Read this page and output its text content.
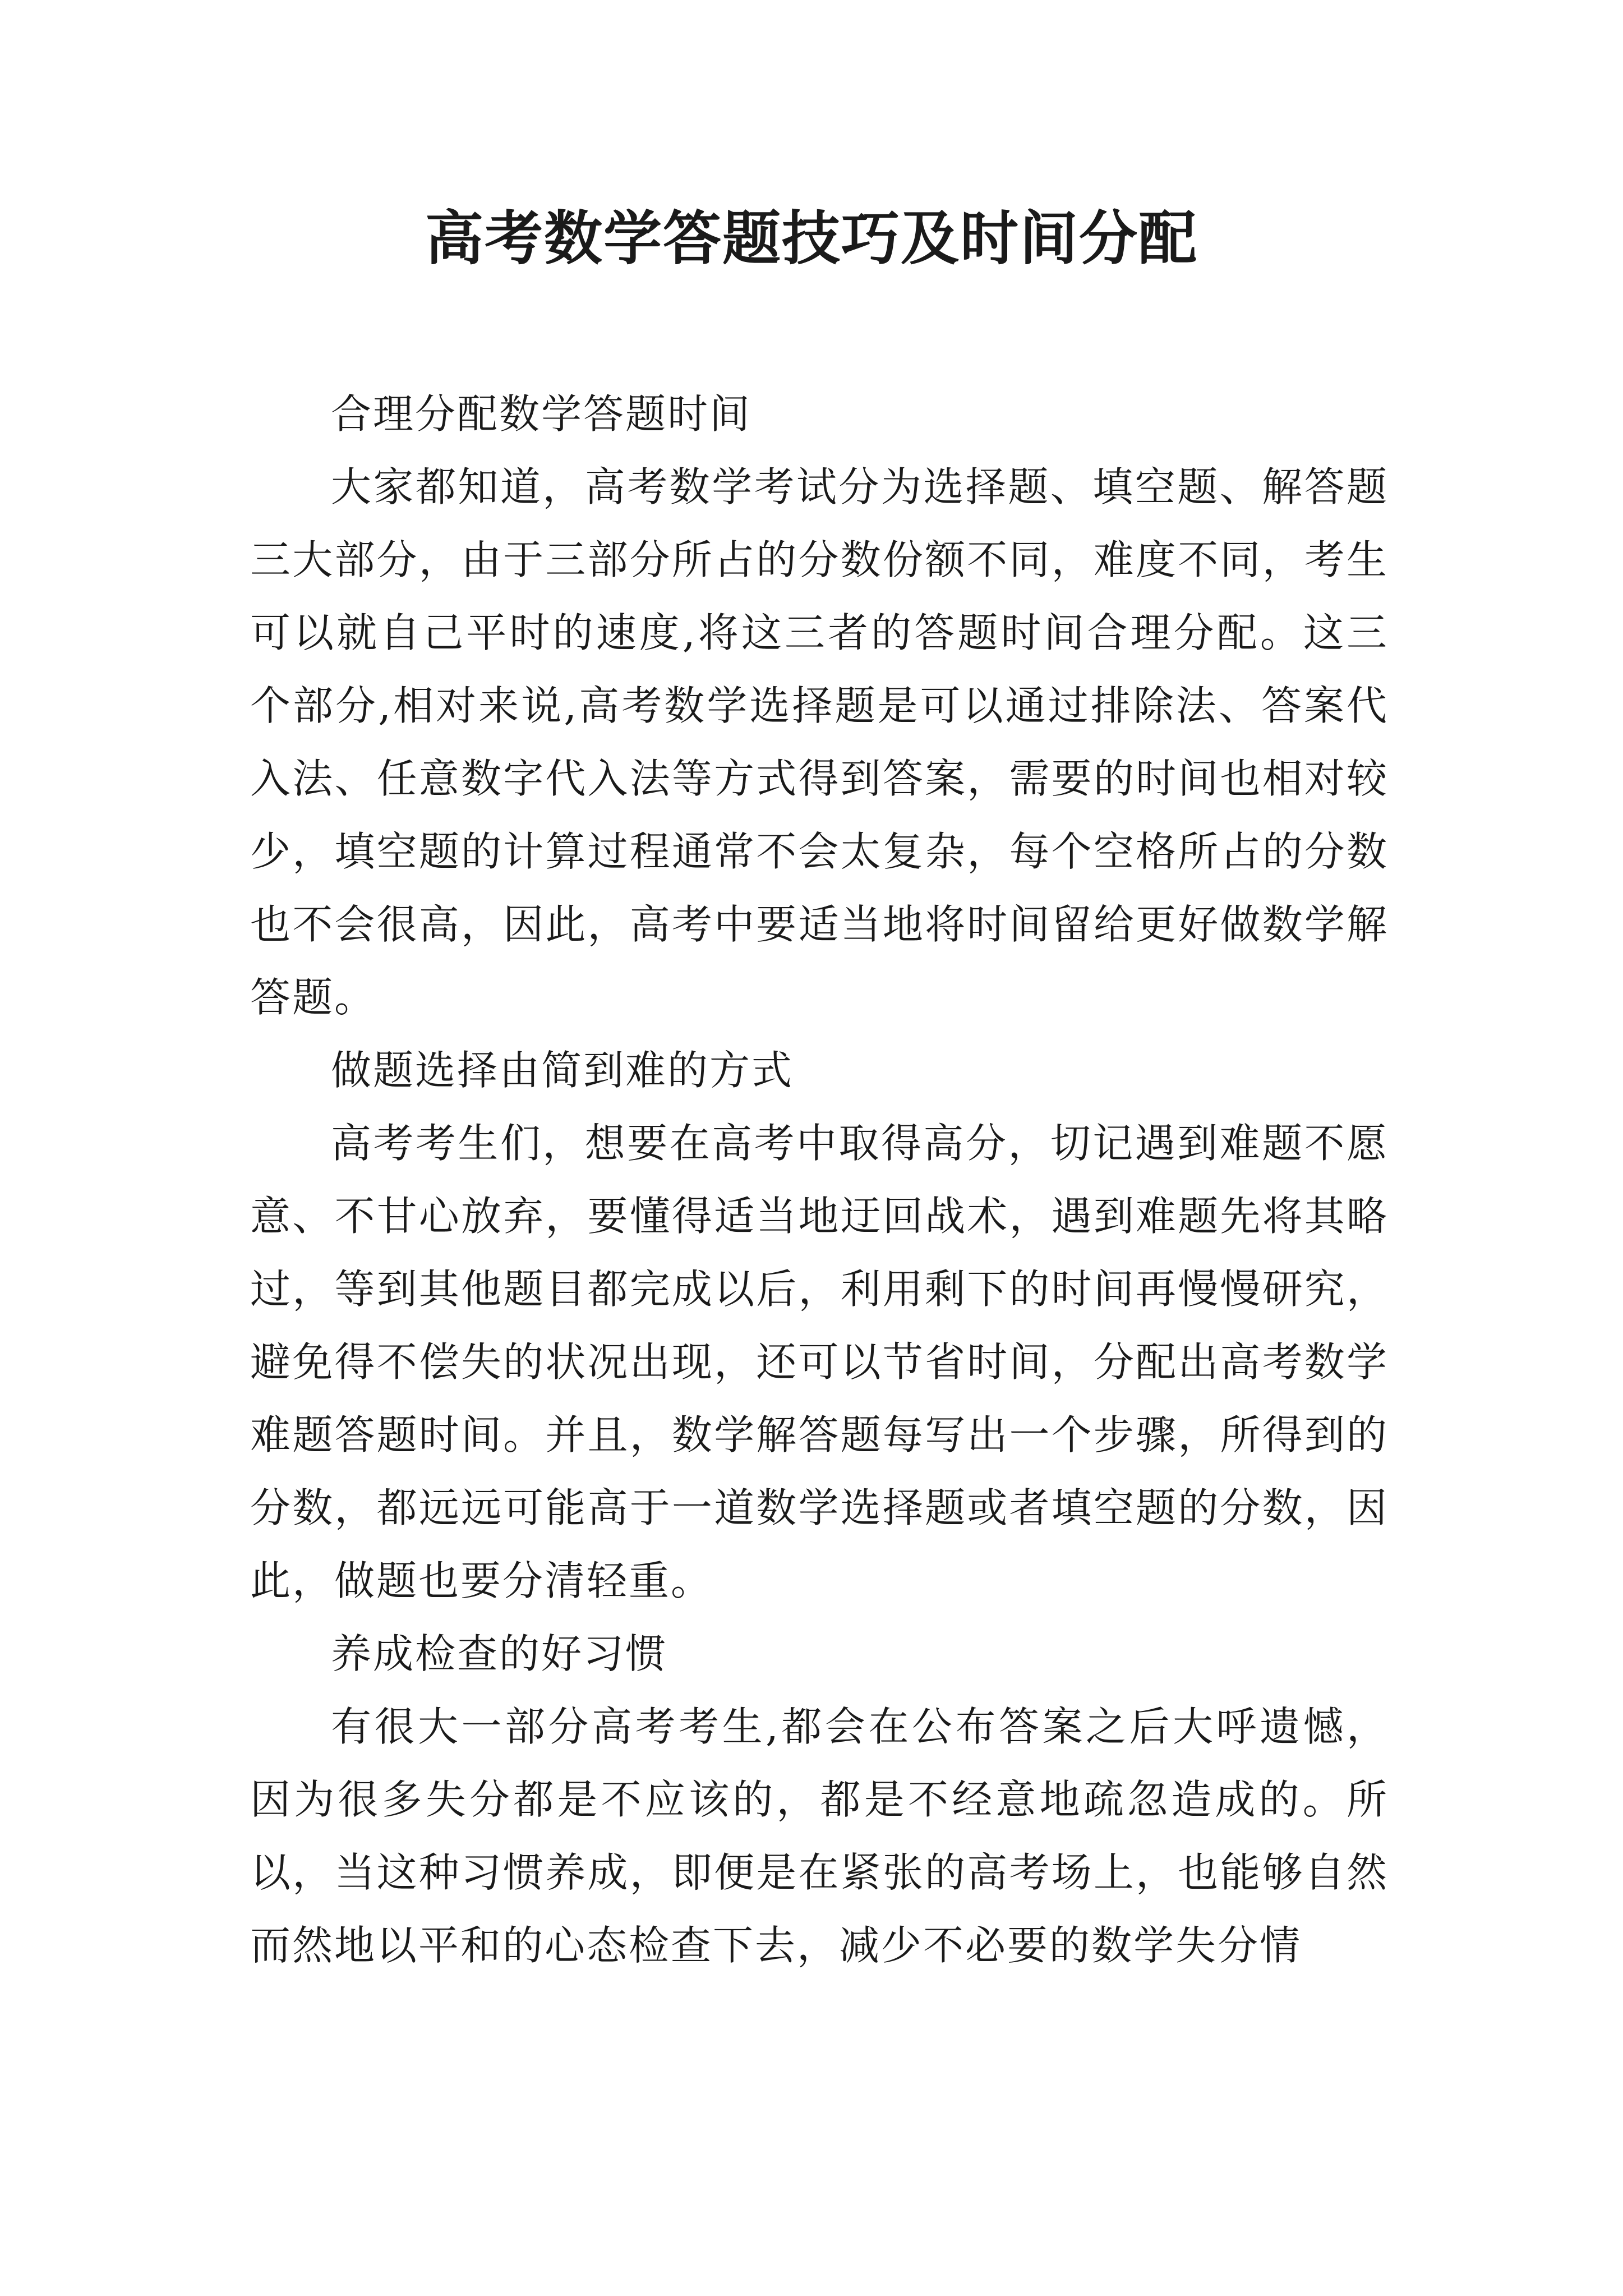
高考数学答题技巧及时间分配

合理分配数学答题时间

大家都知道，高考数学考试分为选择题、填空题、解答题三大部分，由于三部分所占的分数份额不同，难度不同，考生可以就自己平时的速度,将这三者的答题时间合理分配。这三个部分,相对来说,高考数学选择题是可以通过排除法、答案代入法、任意数字代入法等方式得到答案，需要的时间也相对较少，填空题的计算过程通常不会太复杂，每个空格所占的分数也不会很高，因此，高考中要适当地将时间留给更好做数学解答题。

做题选择由简到难的方式

高考考生们，想要在高考中取得高分，切记遇到难题不愿意、不甘心放弃，要懂得适当地迂回战术，遇到难题先将其略过，等到其他题目都完成以后，利用剩下的时间再慢慢研究，避免得不偿失的状况出现，还可以节省时间，分配出高考数学难题答题时间。并且，数学解答题每写出一个步骤，所得到的分数，都远远可能高于一道数学选择题或者填空题的分数，因此，做题也要分清轻重。

养成检查的好习惯

有很大一部分高考考生,都会在公布答案之后大呼遗憾，因为很多失分都是不应该的，都是不经意地疏忽造成的。所以，当这种习惯养成，即便是在紧张的高考场上，也能够自然而然地以平和的心态检查下去，减少不必要的数学失分情
